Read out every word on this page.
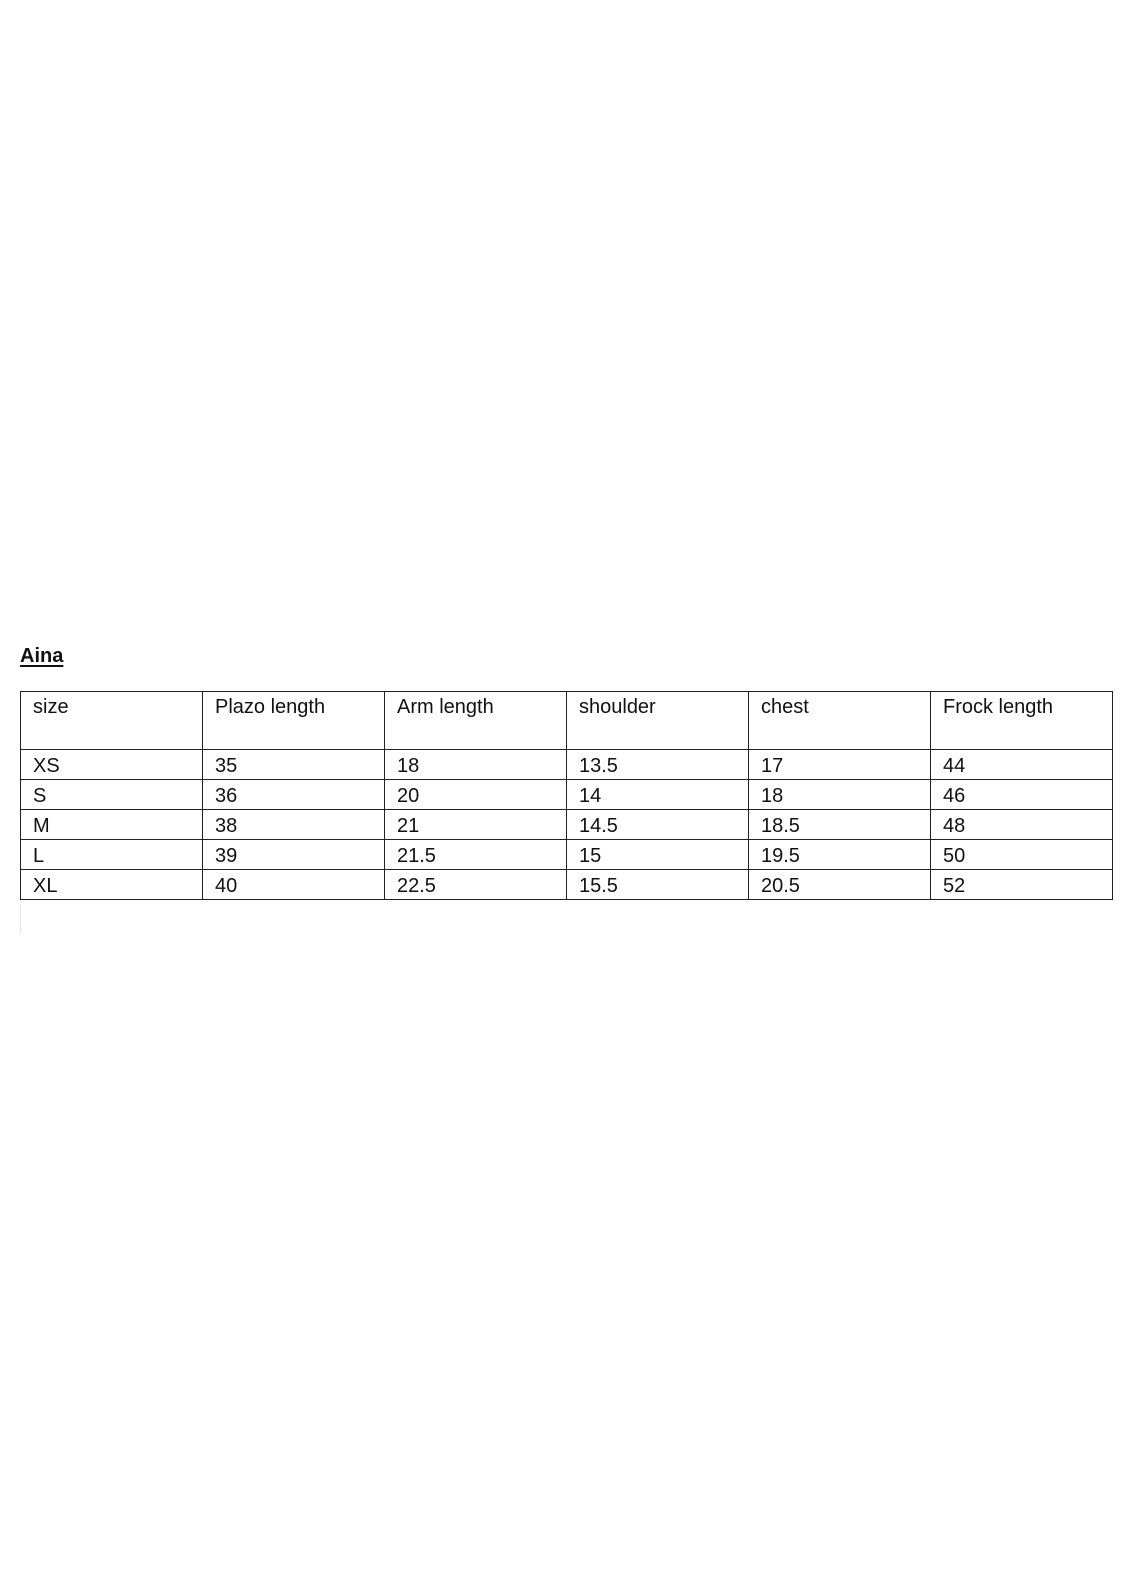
Aina
size	Plazo length	Arm length	shoulder	chest	Frock length
XS	35	18	13.5	17	44
S	36	20	14	18	46
M	38	21	14.5	18.5	48
L	39	21.5	15	19.5	50
XL	40	22.5	15.5	20.5	52
